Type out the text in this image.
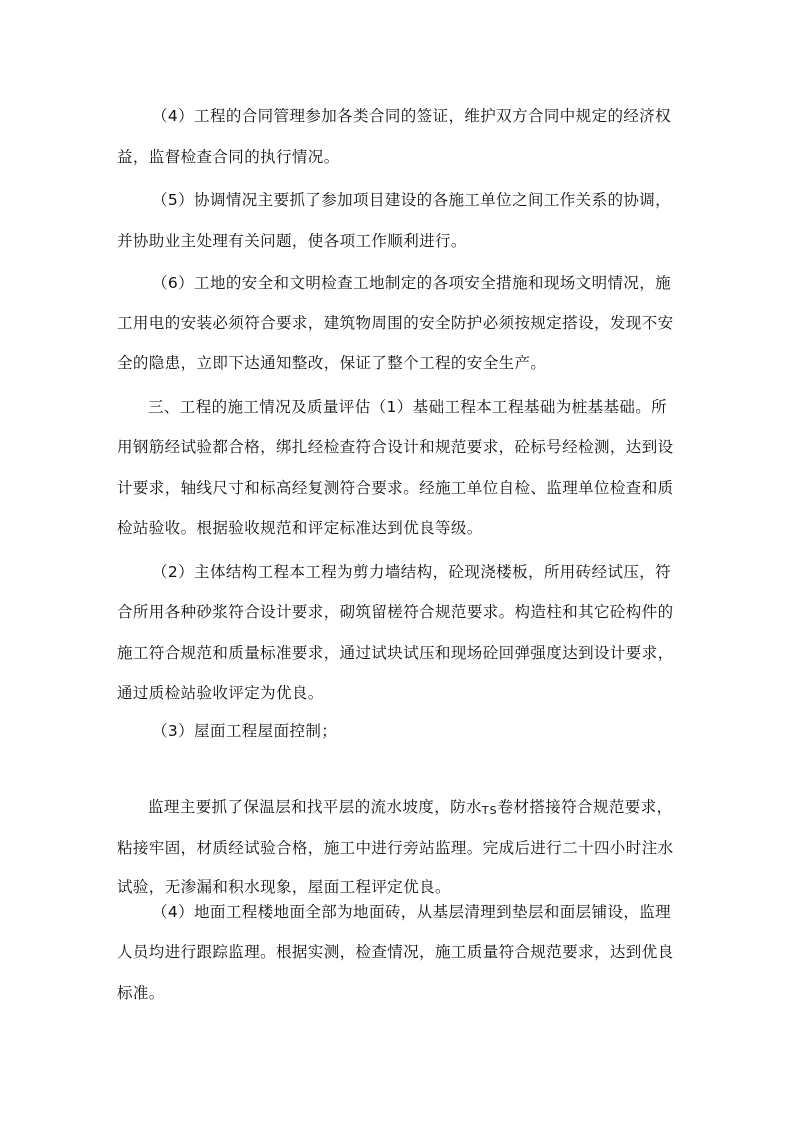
（4）工程的合同管理参加各类合同的签证，维护双方合同中规定的经济权
益，监督检查合同的执行情况。
（5）协调情况主要抓了参加项目建设的各施工单位之间工作关系的协调，
并协助业主处理有关问题，使各项工作顺利进行。
（6）工地的安全和文明检查工地制定的各项安全措施和现场文明情况，施
工用电的安装必须符合要求，建筑物周围的安全防护必须按规定搭设，发现不安
全的隐患，立即下达通知整改，保证了整个工程的安全生产。
三、工程的施工情况及质量评估（1）基础工程本工程基础为桩基基础。所
用钢筋经试验都合格，绑扎经检查符合设计和规范要求，砼标号经检测，达到设
计要求，轴线尺寸和标高经复测符合要求。经施工单位自检、监理单位检查和质
检站验收。根据验收规范和评定标准达到优良等级。
（2）主体结构工程本工程为剪力墙结构，砼现浇楼板，所用砖经试压，符
合所用各种砂浆符合设计要求，砌筑留槎符合规范要求。构造柱和其它砼构件的
施工符合规范和质量标准要求，通过试块试压和现场砼回弹强度达到设计要求，
通过质检站验收评定为优良。
（3）屋面工程屋面控制；
监理主要抓了保温层和找平层的流水坡度，防水TS卷材搭接符合规范要求，
粘接牢固，材质经试验合格，施工中进行旁站监理。完成后进行二十四小时注水
试验，无渗漏和积水现象，屋面工程评定优良。
（4）地面工程楼地面全部为地面砖，从基层清理到垫层和面层铺设，监理
人员均进行跟踪监理。根据实测，检查情况，施工质量符合规范要求，达到优良
标准。
